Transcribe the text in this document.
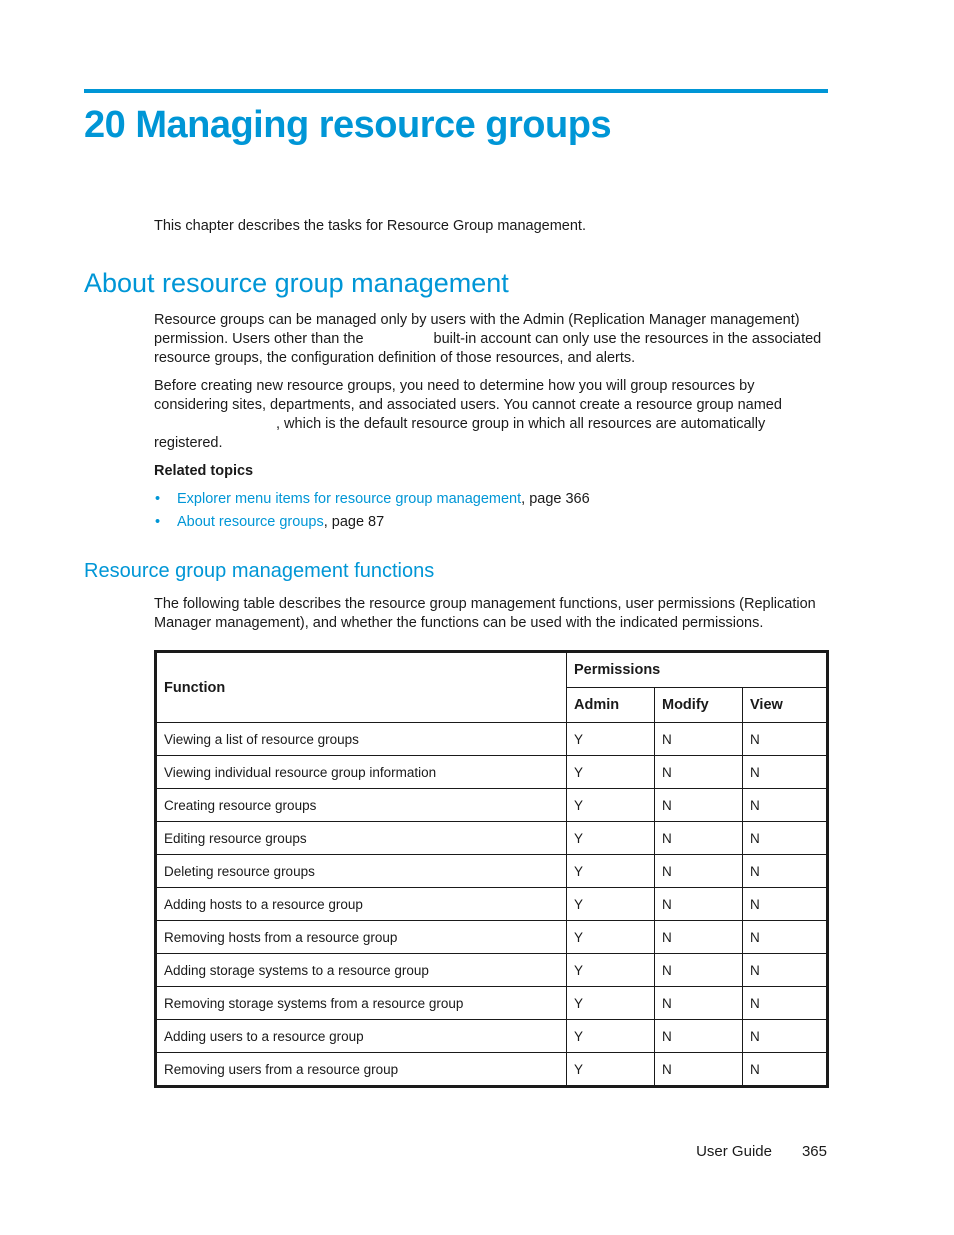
20 Managing resource groups

This chapter describes the tasks for Resource Group management.

About resource group management

Resource groups can be managed only by users with the Admin (Replication Manager management) permission. Users other than the	built-in account can only use the resources in the associated resource groups, the configuration definition of those resources, and alerts.

Before creating new resource groups, you need to determine how you will group resources by considering sites, departments, and associated users. You cannot create a resource group named
, which is the default resource group in which all resources are automatically
registered.

Related topics

• Explorer menu items for resource group management, page 366
• About resource groups, page 87
Resource group management functions

The following table describes the resource group management functions, user permissions (Replication Manager management), and whether the functions can be used with the indicated permissions.

Function	Permissions		
	Admin	Modify	View
Viewing a list of resource groups	Y	N	N
Viewing individual resource group information	Y	N	N
Creating resource groups	Y	N	N
Editing resource groups	Y	N	N
Deleting resource groups	Y	N	N
Adding hosts to a resource group	Y	N	N
Removing hosts from a resource group	Y	N	N
Adding storage systems to a resource group	Y	N	N
Removing storage systems from a resource group	Y	N	N
Adding users to a resource group	Y	N	N
Removing users from a resource group	Y	N	N
User Guide 365
